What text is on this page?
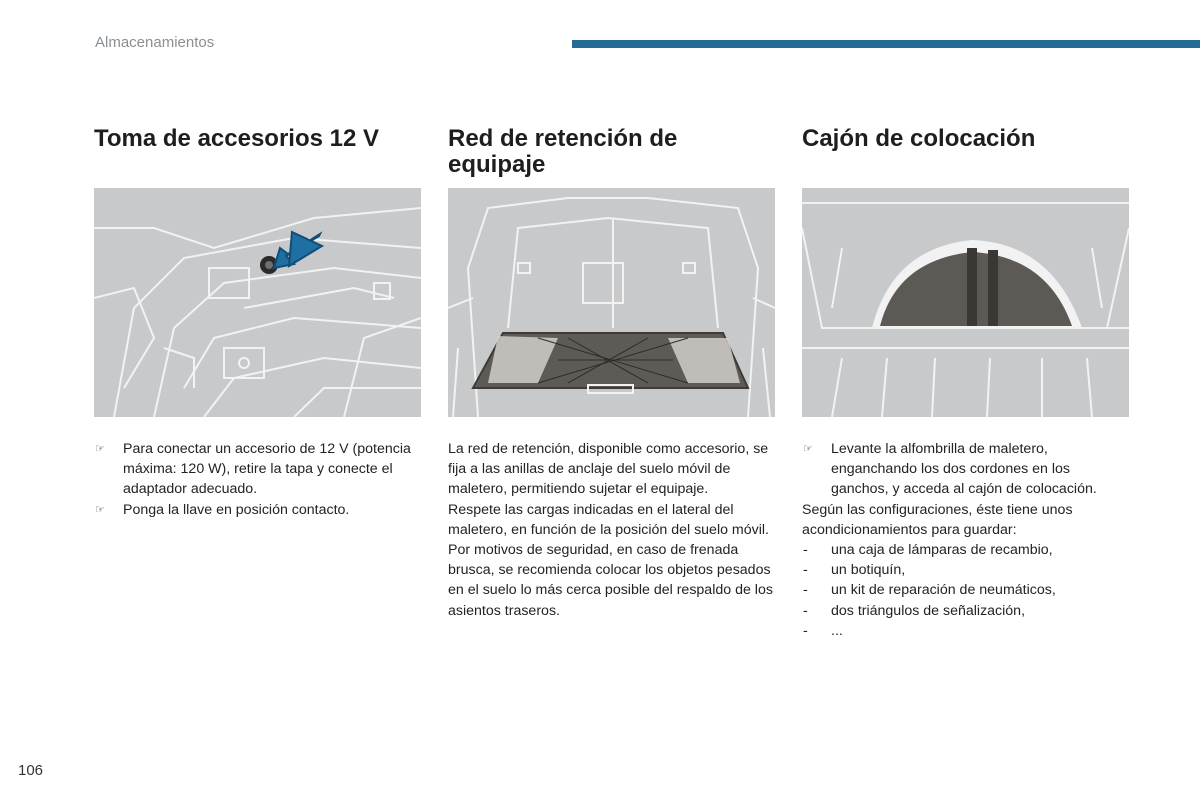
Almacenamientos
Toma de accesorios 12 V
☞ Para conectar un accesorio de 12 V (potencia máxima: 120 W), retire la tapa y conecte el adaptador adecuado.
☞ Ponga la llave en posición contacto.
Red de retención de equipaje

La red de retención, disponible como accesorio, se fija a las anillas de anclaje del suelo móvil de maletero, permitiendo sujetar el equipaje.

Respete las cargas indicadas en el lateral del maletero, en función de la posición del suelo móvil.

Por motivos de seguridad, en caso de frenada brusca, se recomienda colocar los objetos pesados en el suelo lo más cerca posible del respaldo de los asientos traseros.

Cajón de colocación
☞ Levante la alfombrilla de maletero, enganchando los dos cordones en los ganchos, y acceda al cajón de colocación.

Según las configuraciones, éste tiene unos acondicionamientos para guardar:

- una caja de lámparas de recambio,
- un botiquín,
- un kit de reparación de neumáticos,
- dos triángulos de señalización,
- ...
106
